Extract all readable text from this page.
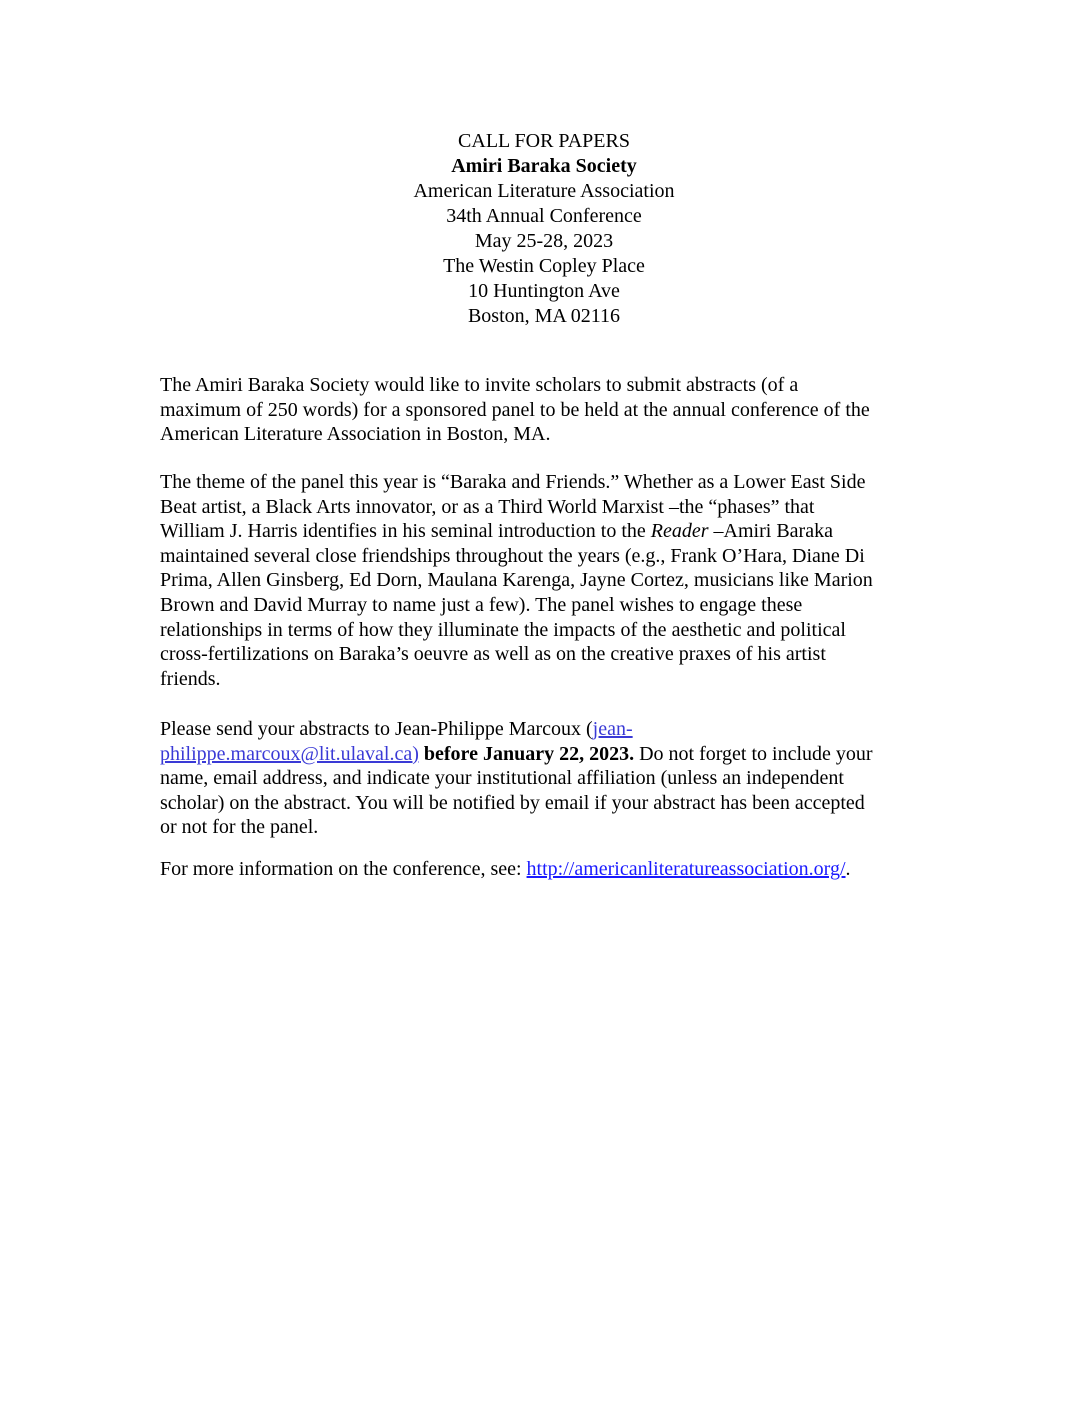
CALL FOR PAPERS
Amiri Baraka Society
American Literature Association
34th Annual Conference
May 25-28, 2023
The Westin Copley Place
10 Huntington Ave
Boston, MA 02116
The Amiri Baraka Society would like to invite scholars to submit abstracts (of a
maximum of 250 words) for a sponsored panel to be held at the annual conference of the
American Literature Association in Boston, MA.
The theme of the panel this year is “Baraka and Friends.” Whether as a Lower East Side
Beat artist, a Black Arts innovator, or as a Third World Marxist –the “phases” that
William J. Harris identifies in his seminal introduction to the Reader –Amiri Baraka
maintained several close friendships throughout the years (e.g., Frank O’Hara, Diane Di
Prima, Allen Ginsberg, Ed Dorn, Maulana Karenga, Jayne Cortez, musicians like Marion
Brown and David Murray to name just a few). The panel wishes to engage these
relationships in terms of how they illuminate the impacts of the aesthetic and political
cross-fertilizations on Baraka’s oeuvre as well as on the creative praxes of his artist
friends.
Please send your abstracts to Jean-Philippe Marcoux (jean-
philippe.marcoux@lit.ulaval.ca) before January 22, 2023. Do not forget to include your
name, email address, and indicate your institutional affiliation (unless an independent
scholar) on the abstract. You will be notified by email if your abstract has been accepted
or not for the panel.
For more information on the conference, see: http://americanliteratureassociation.org/.
